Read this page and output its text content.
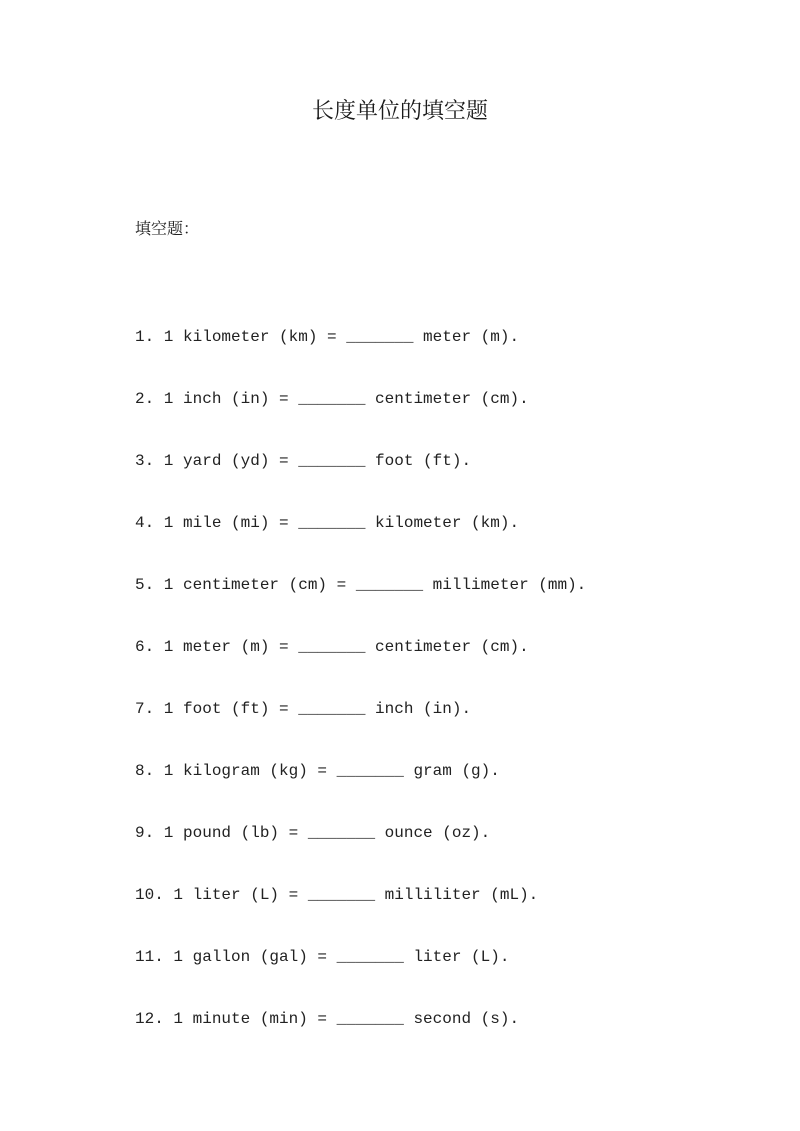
长度单位的填空题
填空题：
1. 1 kilometer (km) = _______ meter (m).
2. 1 inch (in) = _______ centimeter (cm).
3. 1 yard (yd) = _______ foot (ft).
4. 1 mile (mi) = _______ kilometer (km).
5. 1 centimeter (cm) = _______ millimeter (mm).
6. 1 meter (m) = _______ centimeter (cm).
7. 1 foot (ft) = _______ inch (in).
8. 1 kilogram (kg) = _______ gram (g).
9. 1 pound (lb) = _______ ounce (oz).
10. 1 liter (L) = _______ milliliter (mL).
11. 1 gallon (gal) = _______ liter (L).
12. 1 minute (min) = _______ second (s).
